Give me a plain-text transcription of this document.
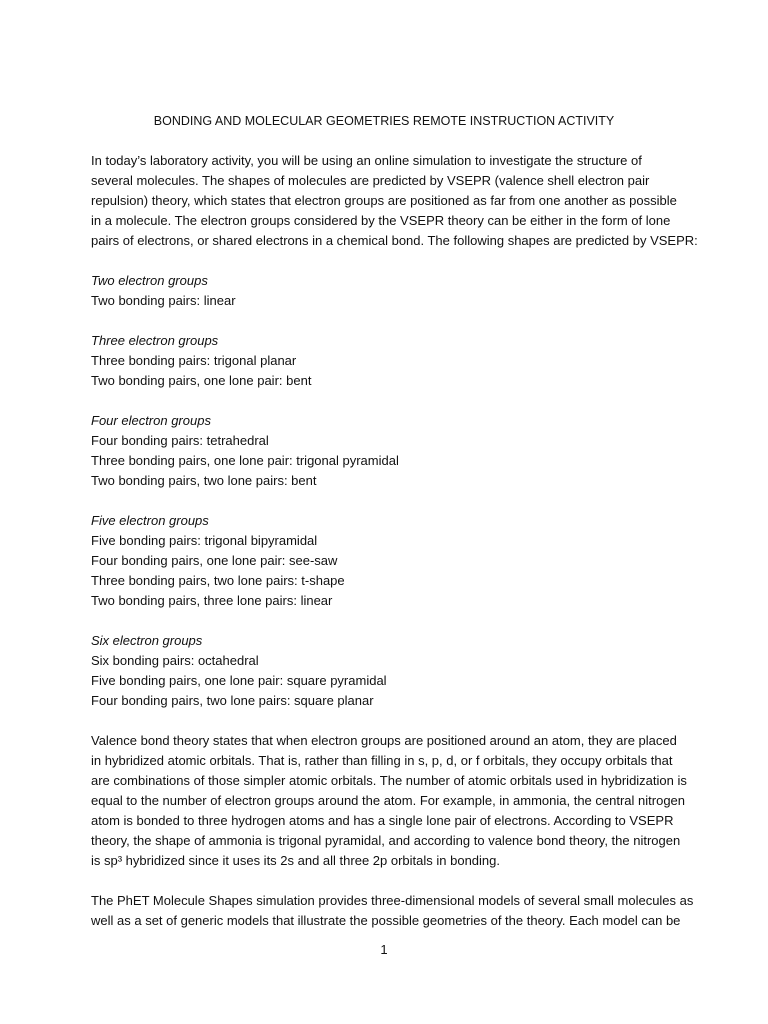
BONDING AND MOLECULAR GEOMETRIES REMOTE INSTRUCTION ACTIVITY
In today’s laboratory activity, you will be using an online simulation to investigate the structure of
several molecules. The shapes of molecules are predicted by VSEPR (valence shell electron pair
repulsion) theory, which states that electron groups are positioned as far from one another as possible
in a molecule. The electron groups considered by the VSEPR theory can be either in the form of lone
pairs of electrons, or shared electrons in a chemical bond. The following shapes are predicted by VSEPR:
Two electron groups
Two bonding pairs: linear
Three electron groups
Three bonding pairs: trigonal planar
Two bonding pairs, one lone pair: bent
Four electron groups
Four bonding pairs: tetrahedral
Three bonding pairs, one lone pair: trigonal pyramidal
Two bonding pairs, two lone pairs: bent
Five electron groups
Five bonding pairs: trigonal bipyramidal
Four bonding pairs, one lone pair: see-saw
Three bonding pairs, two lone pairs: t-shape
Two bonding pairs, three lone pairs: linear
Six electron groups
Six bonding pairs: octahedral
Five bonding pairs, one lone pair: square pyramidal
Four bonding pairs, two lone pairs: square planar
Valence bond theory states that when electron groups are positioned around an atom, they are placed
in hybridized atomic orbitals. That is, rather than filling in s, p, d, or f orbitals, they occupy orbitals that
are combinations of those simpler atomic orbitals. The number of atomic orbitals used in hybridization is
equal to the number of electron groups around the atom. For example, in ammonia, the central nitrogen
atom is bonded to three hydrogen atoms and has a single lone pair of electrons. According to VSEPR
theory, the shape of ammonia is trigonal pyramidal, and according to valence bond theory, the nitrogen
is sp³ hybridized since it uses its 2s and all three 2p orbitals in bonding.
The PhET Molecule Shapes simulation provides three-dimensional models of several small molecules as
well as a set of generic models that illustrate the possible geometries of the theory. Each model can be
1
